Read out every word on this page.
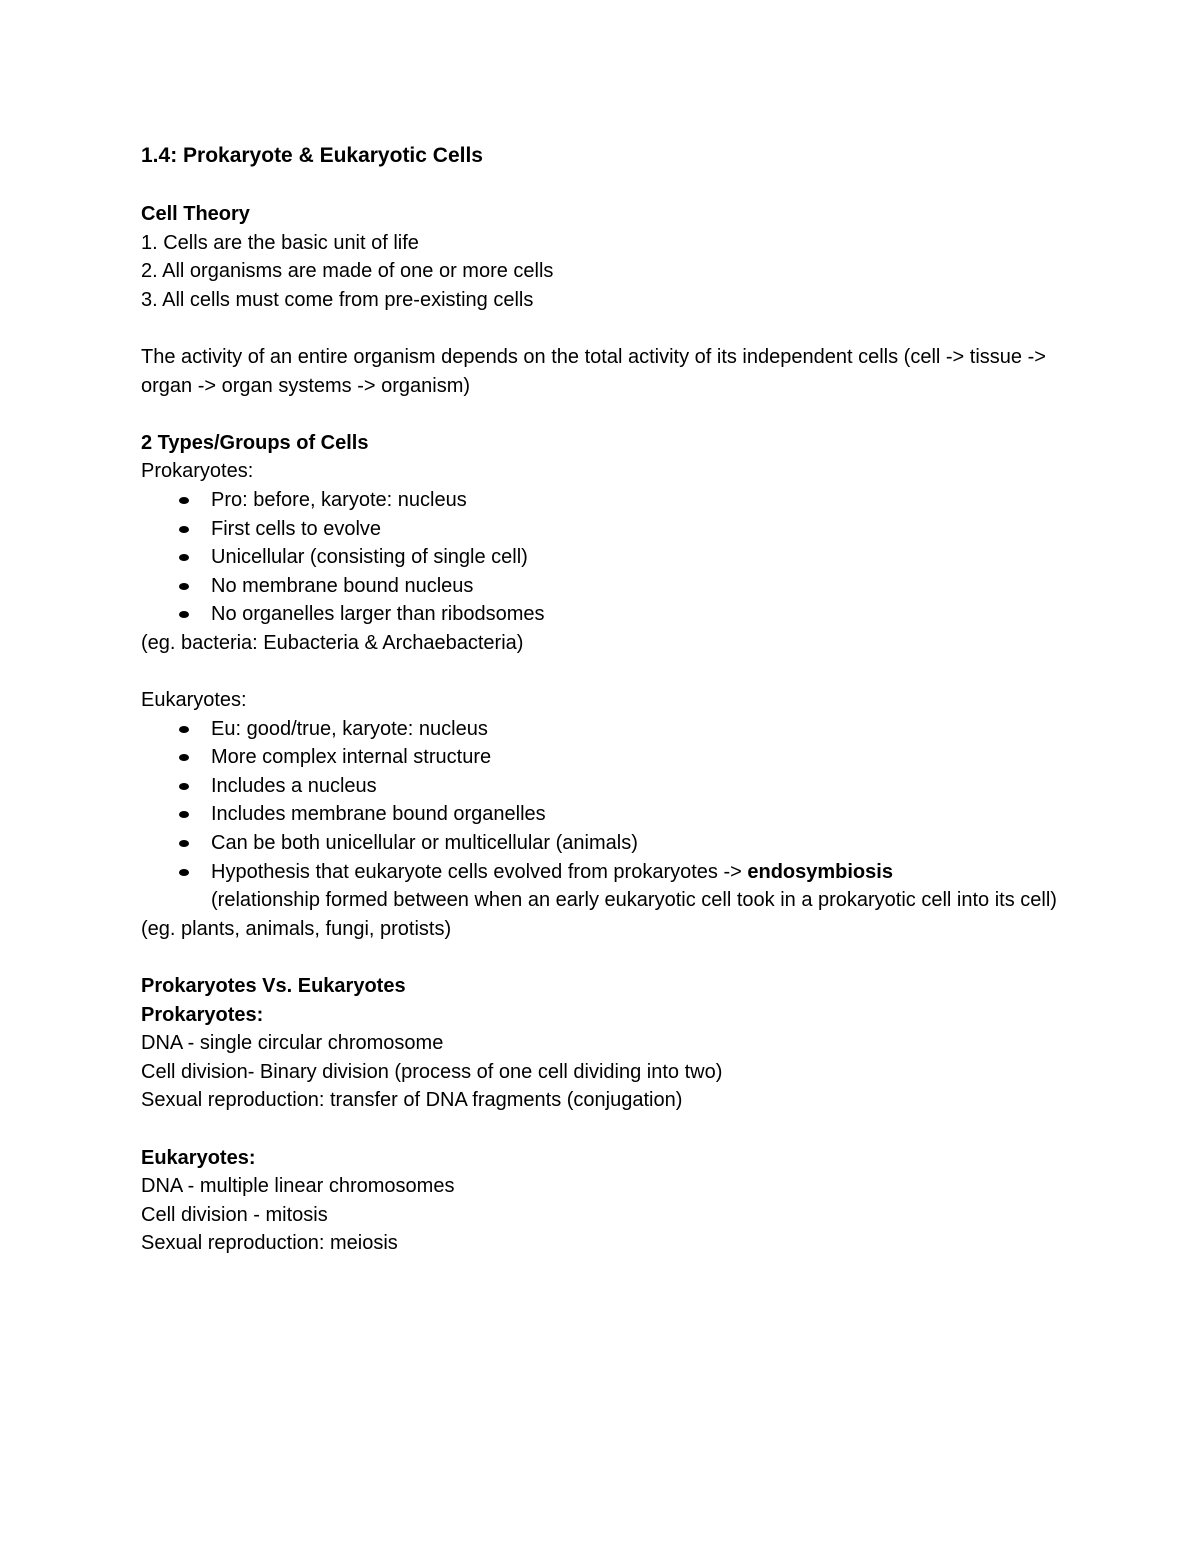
1.4: Prokaryote & Eukaryotic Cells
Cell Theory
1. Cells are the basic unit of life
2. All organisms are made of one or more cells
3. All cells must come from pre-existing cells
The activity of an entire organism depends on the total activity of its independent cells (cell -> tissue -> organ -> organ systems -> organism)
2 Types/Groups of Cells
Prokaryotes:
Pro: before, karyote: nucleus
First cells to evolve
Unicellular (consisting of single cell)
No membrane bound nucleus
No organelles larger than ribodsomes
(eg. bacteria: Eubacteria & Archaebacteria)
Eukaryotes:
Eu: good/true, karyote: nucleus
More complex internal structure
Includes a nucleus
Includes membrane bound organelles
Can be both unicellular or multicellular (animals)
Hypothesis that eukaryote cells evolved from prokaryotes -> endosymbiosis
(relationship formed between when an early eukaryotic cell took in a prokaryotic cell into its cell)
(eg. plants, animals, fungi, protists)
Prokaryotes Vs. Eukaryotes
Prokaryotes:
DNA - single circular chromosome
Cell division- Binary division (process of one cell dividing into two)
Sexual reproduction: transfer of DNA fragments (conjugation)
Eukaryotes:
DNA - multiple linear chromosomes
Cell division - mitosis
Sexual reproduction: meiosis
